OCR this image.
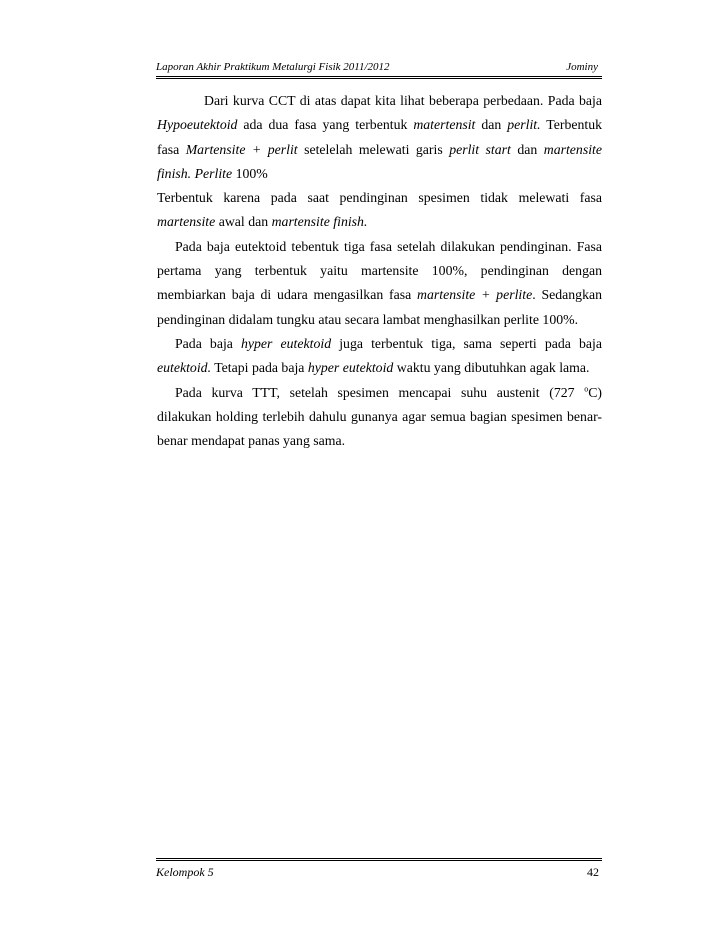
Laporan Akhir Praktikum Metalurgi Fisik 2011/2012	Jominy

Dari kurva CCT di atas dapat kita lihat beberapa perbedaan. Pada baja Hypoeutektoid ada dua fasa yang terbentuk matertensit dan perlit. Terbentuk fasa Martensite + perlit setelelah melewati garis perlit start dan martensite finish. Perlite 100%

Terbentuk karena pada saat pendinginan spesimen tidak melewati fasa martensite awal dan martensite finish.

Pada baja eutektoid tebentuk tiga fasa setelah dilakukan pendinginan. Fasa pertama yang terbentuk yaitu martensite 100%, pendinginan dengan membiarkan baja di udara mengasilkan fasa martensite + perlite. Sedangkan pendinginan didalam tungku atau secara lambat menghasilkan perlite 100%.

Pada baja hyper eutektoid juga terbentuk tiga, sama seperti pada baja eutektoid. Tetapi pada baja hyper eutektoid waktu yang dibutuhkan agak lama.

Pada kurva TTT, setelah spesimen mencapai suhu austenit (727 $^o$C) dilakukan holding terlebih dahulu gunanya agar semua bagian spesimen benar-benar mendapat panas yang sama.

Kelompok 5	42
